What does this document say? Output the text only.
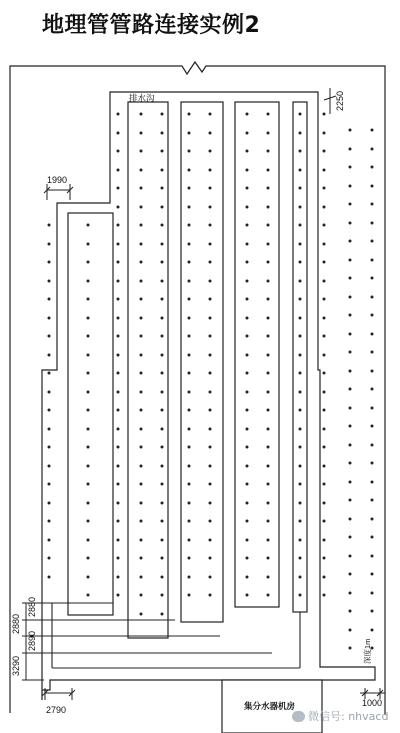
地理管管路连接实例2
排水沟	2250
1990
2880
2880
2890
3290
2790
1000
深度1m
集分水器机房
微信号: nhvacd
